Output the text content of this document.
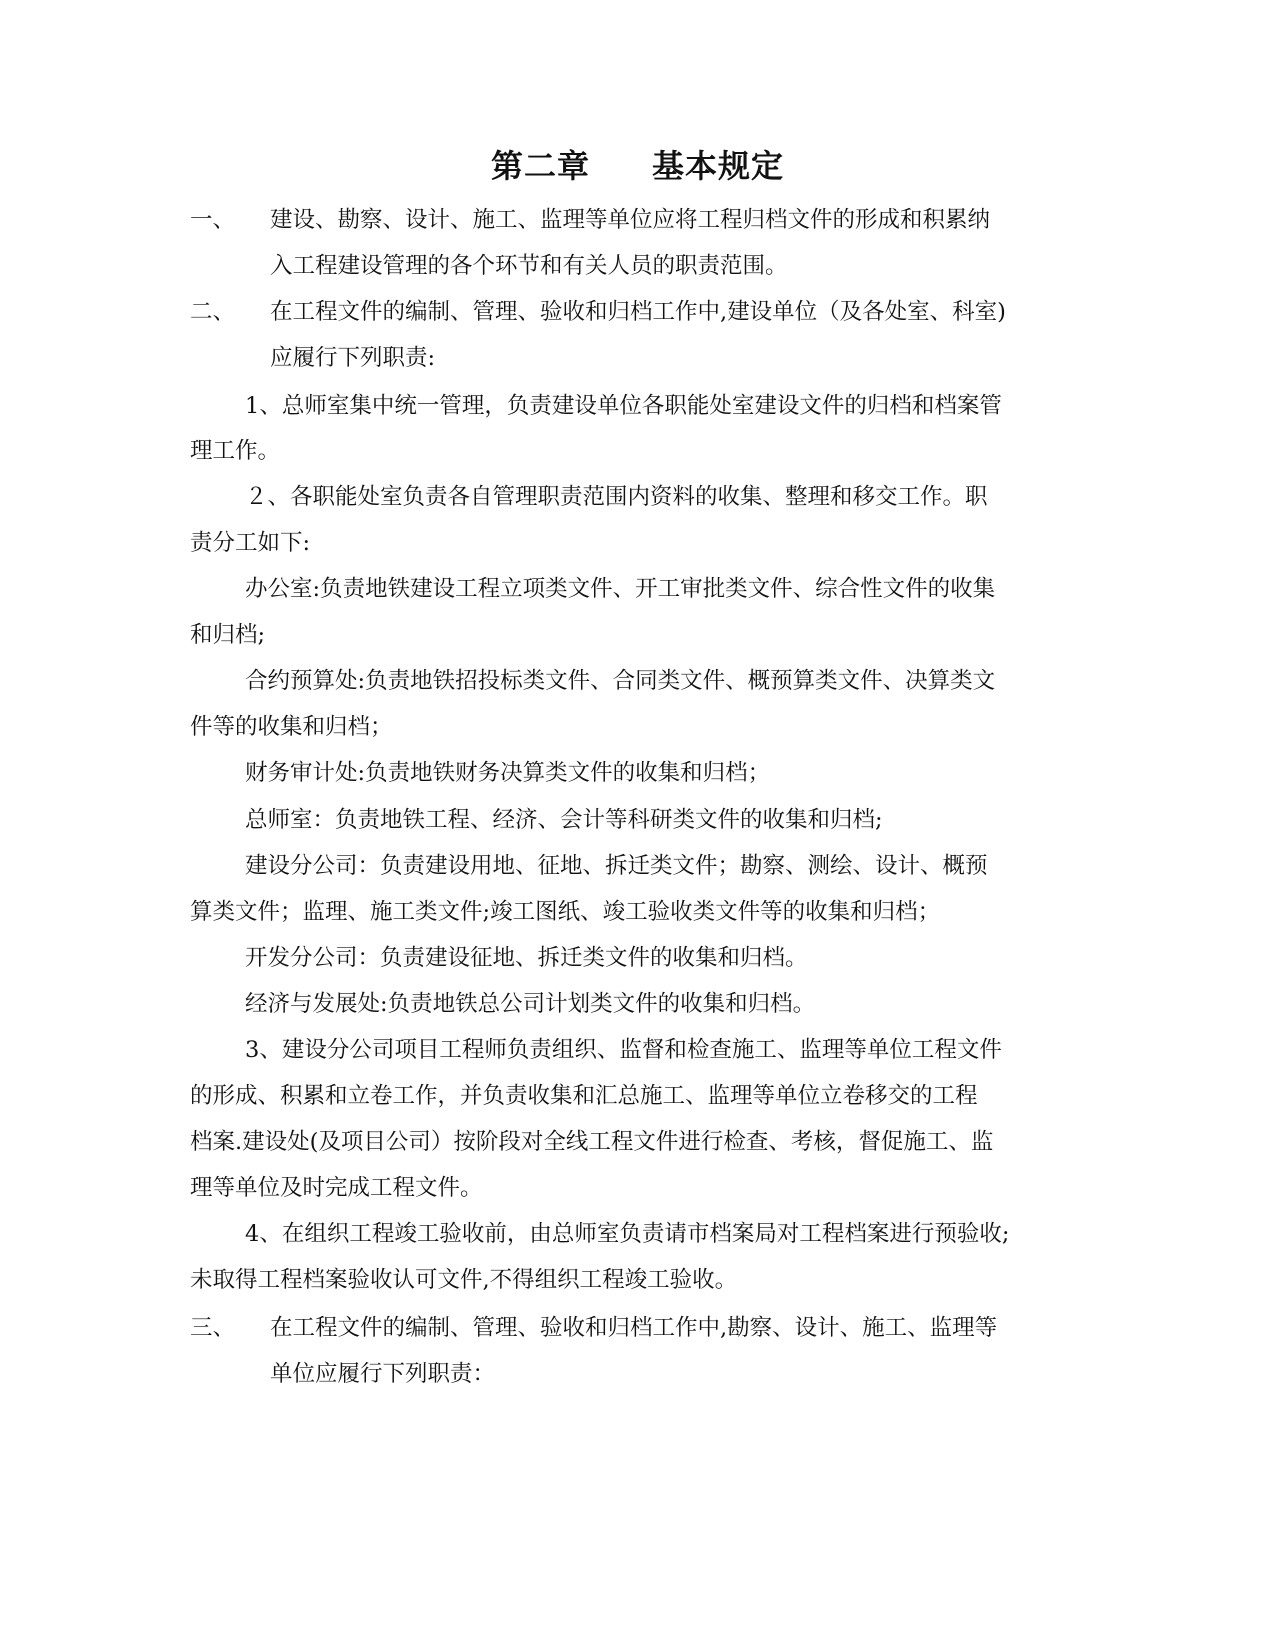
第二章 基本规定
一、 建设、勘察、设计、施工、监理等单位应将工程归档文件的形成和积累纳
入工程建设管理的各个环节和有关人员的职责范围。
二、 在工程文件的编制、管理、验收和归档工作中,建设单位（及各处室、科室)
应履行下列职责:
1、总师室集中统一管理，负责建设单位各职能处室建设文件的归档和档案管
理工作。
２、各职能处室负责各自管理职责范围内资料的收集、整理和移交工作。职
责分工如下:
办公室:负责地铁建设工程立项类文件、开工审批类文件、综合性文件的收集
和归档;
合约预算处:负责地铁招投标类文件、合同类文件、概预算类文件、决算类文
件等的收集和归档；
财务审计处:负责地铁财务决算类文件的收集和归档；
总师室：负责地铁工程、经济、会计等科研类文件的收集和归档;
建设分公司：负责建设用地、征地、拆迁类文件；勘察、测绘、设计、概预
算类文件；监理、施工类文件;竣工图纸、竣工验收类文件等的收集和归档；
开发分公司：负责建设征地、拆迁类文件的收集和归档。
经济与发展处:负责地铁总公司计划类文件的收集和归档。
3、建设分公司项目工程师负责组织、监督和检查施工、监理等单位工程文件
的形成、积累和立卷工作，并负责收集和汇总施工、监理等单位立卷移交的工程
档案.建设处(及项目公司）按阶段对全线工程文件进行检查、考核，督促施工、监
理等单位及时完成工程文件。
4、在组织工程竣工验收前，由总师室负责请市档案局对工程档案进行预验收;
未取得工程档案验收认可文件,不得组织工程竣工验收。
三、 在工程文件的编制、管理、验收和归档工作中,勘察、设计、施工、监理等
单位应履行下列职责：
